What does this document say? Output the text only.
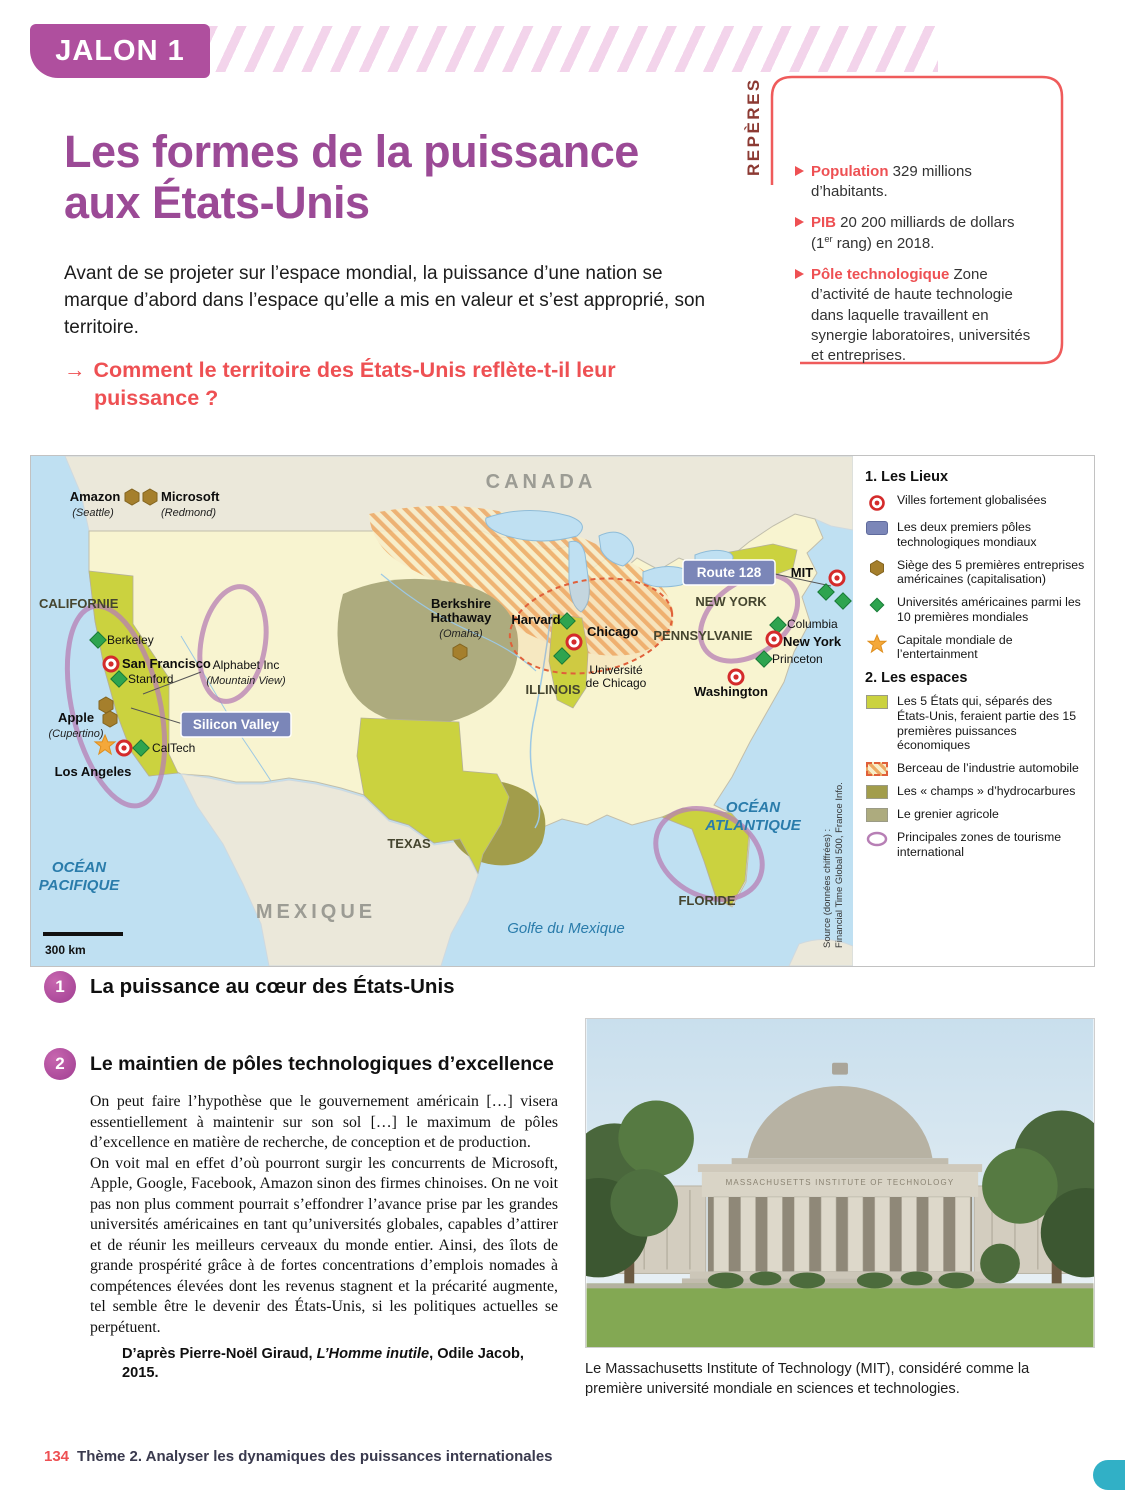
JALON 1
Les formes de la puissance
aux États-Unis

Avant de se projeter sur l’espace mondial, la puissance d’une nation se marque d’abord dans l’espace qu’elle a mis en valeur et s’est approprié, son territoire.

→ Comment le territoire des États-Unis reflète-t-il leur puissance ?
REPÈRES	Population 329 millions d’habitants.
PIB 20 200 milliards de dollars (1er rang) en 2018.
Pôle technologique Zone d’activité de haute technologie dans laquelle travaillent en synergie laboratoires, universités et entreprises.
Route 128
Silicon Valley
CANADA
MEXIQUE
OCÉAN
PACIFIQUE
OCÉAN
ATLANTIQUE
Golfe du Mexique
CALIFORNIE
TEXAS
ILLINOIS
FLORIDE
NEW YORK
PENNSYLVANIE
Amazon
(Seattle)
Microsoft
(Redmond)
Berkshire
Hathaway
(Omaha)
Harvard
Chicago
Université
de Chicago
Berkeley
San Francisco
Stanford
Alphabet Inc
(Mountain View)
Apple
(Cupertino)
CalTech
Los Angeles
Washington
Columbia
New York
Princeton
MIT
300 km
Source (données chiffrées) : Financial Time Global 500, France Info.
1. Les Lieux
Villes fortement globalisées
Les deux premiers pôles technologiques mondiaux
Siège des 5 premières entreprises américaines (capitalisation)
Universités américaines parmi les 10 premières mondiales
Capitale mondiale de l’entertainment
2. Les espaces
Les 5 États qui, séparés des États-Unis, feraient partie des 15 premières puissances économiques
Berceau de l’industrie automobile
Les « champs » d’hydrocarbures
Le grenier agricole
Principales zones de tourisme international
1	La puissance au cœur des États-Unis
2	Le maintien de pôles technologiques d’excellence

On peut faire l’hypothèse que le gouvernement américain […] visera essentiellement à maintenir sur son sol […] le maximum de pôles d’excellence en matière de recherche, de conception et de production.

On voit mal en effet d’où pourront surgir les concurrents de Microsoft, Apple, Google, Facebook, Amazon sinon des firmes chinoises. On ne voit pas non plus comment pourrait s’effondrer l’avance prise par les grandes universités américaines en tant qu’universités globales, capables d’attirer et de réunir les meilleurs cerveaux du monde entier. Ainsi, des îlots de grande prospérité grâce à de fortes concentrations d’emplois nomades à compétences élevées dont les revenus stagnent et la précarité augmente, tel semble être le devenir des États-Unis, si les politiques actuelles se perpétuent.

D’après Pierre-Noël Giraud, L’Homme inutile, Odile Jacob, 2015.
MASSACHUSETTS INSTITUTE OF TECHNOLOGY
Le Massachusetts Institute of Technology (MIT), considéré comme la première université mondiale en sciences et technologies.
134 Thème 2. Analyser les dynamiques des puissances internationales
